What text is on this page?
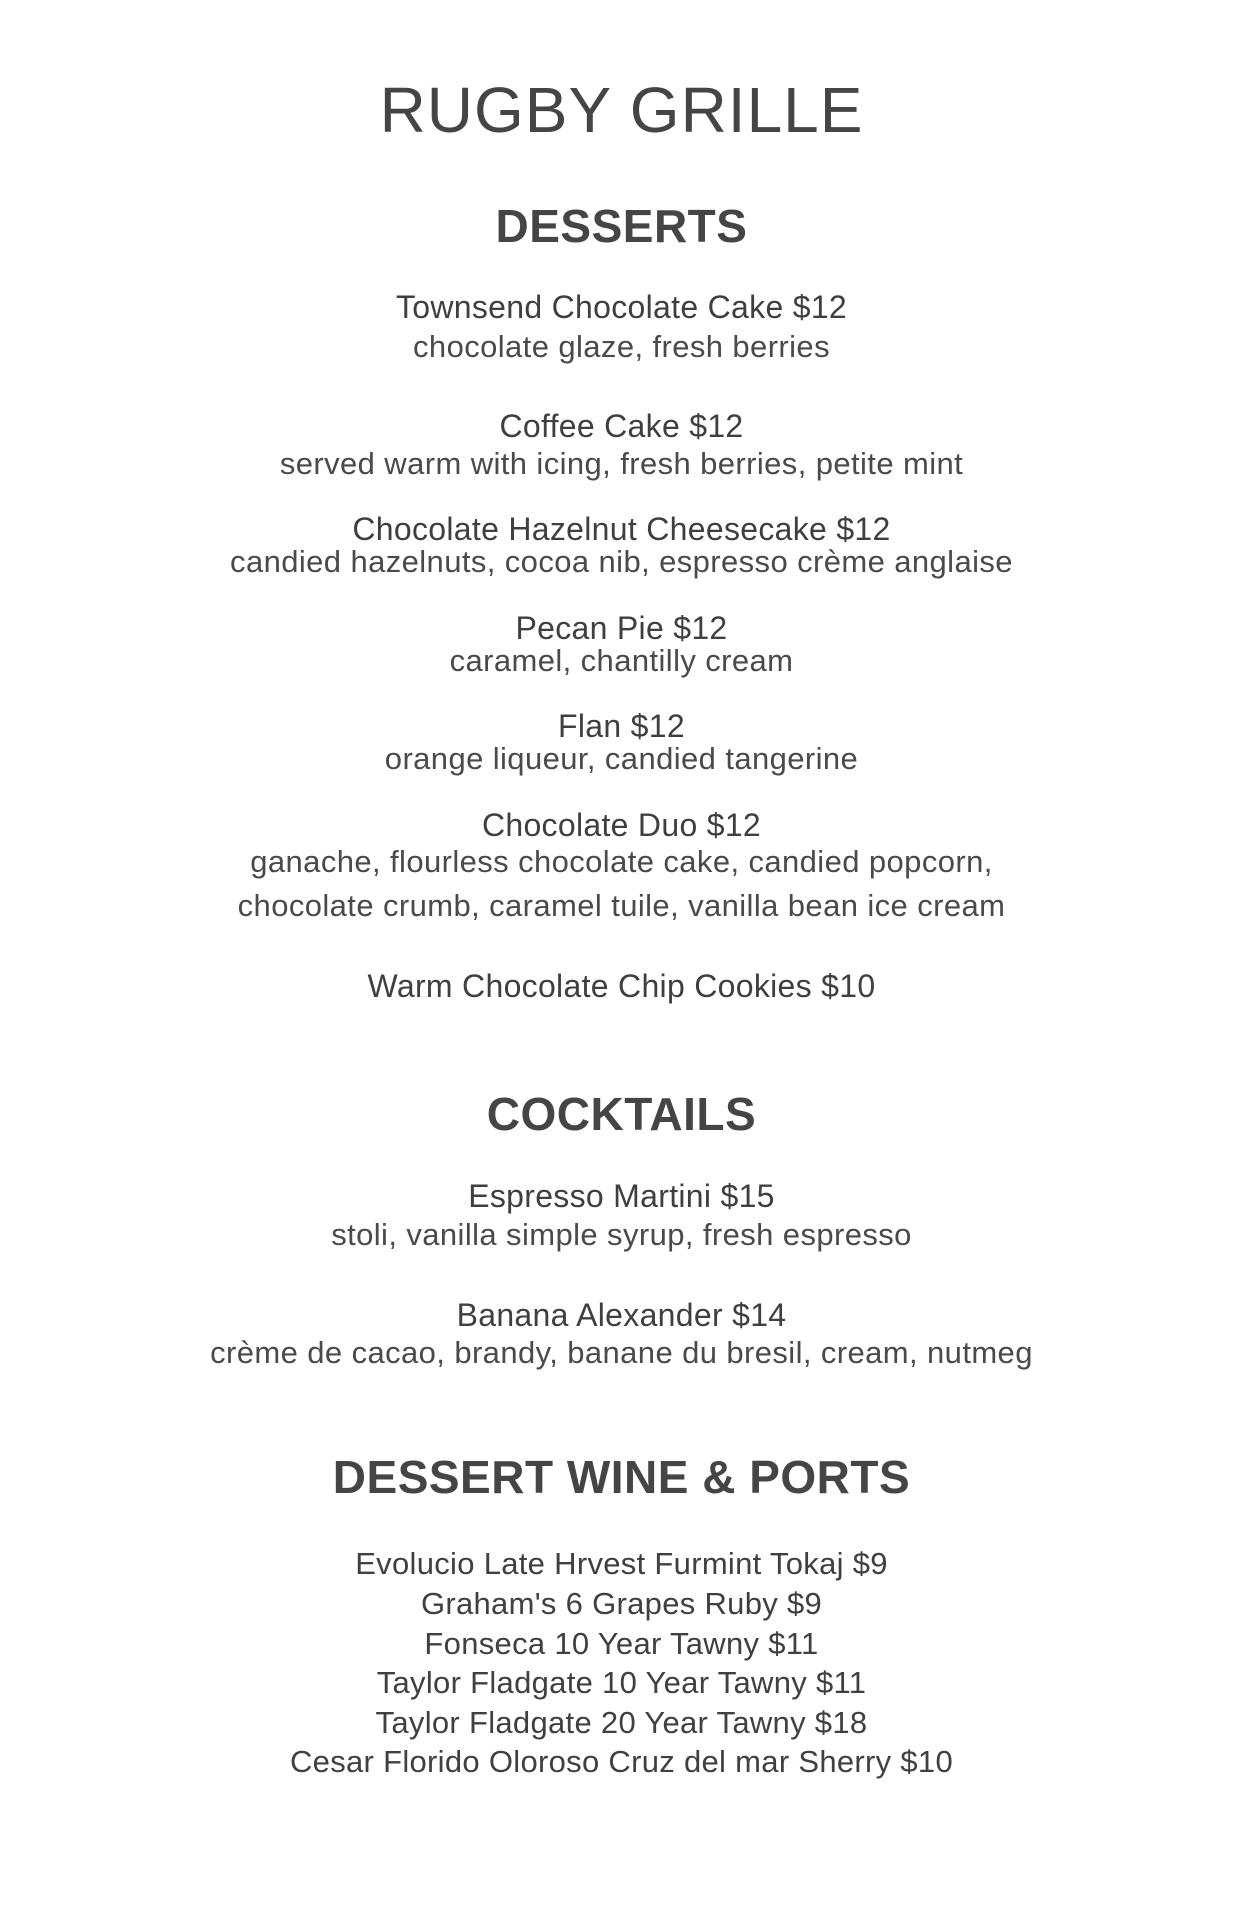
RUGBY GRILLE
DESSERTS
Townsend Chocolate Cake $12
chocolate glaze, fresh berries
Coffee Cake $12
served warm with icing, fresh berries, petite mint
Chocolate Hazelnut Cheesecake $12
candied hazelnuts, cocoa nib, espresso crème anglaise
Pecan Pie $12
caramel, chantilly cream
Flan $12
orange liqueur, candied tangerine
Chocolate Duo $12
ganache, flourless chocolate cake, candied popcorn,
chocolate crumb, caramel tuile, vanilla bean ice cream
Warm Chocolate Chip Cookies $10
COCKTAILS
Espresso Martini $15
stoli, vanilla simple syrup, fresh espresso
Banana Alexander $14
crème de cacao, brandy, banane du bresil, cream, nutmeg
DESSERT WINE & PORTS
Evolucio Late Hrvest Furmint Tokaj $9
Graham's 6 Grapes Ruby $9
Fonseca 10 Year Tawny $11
Taylor Fladgate 10 Year Tawny $11
Taylor Fladgate 20 Year Tawny $18
Cesar Florido Oloroso Cruz del mar Sherry $10
